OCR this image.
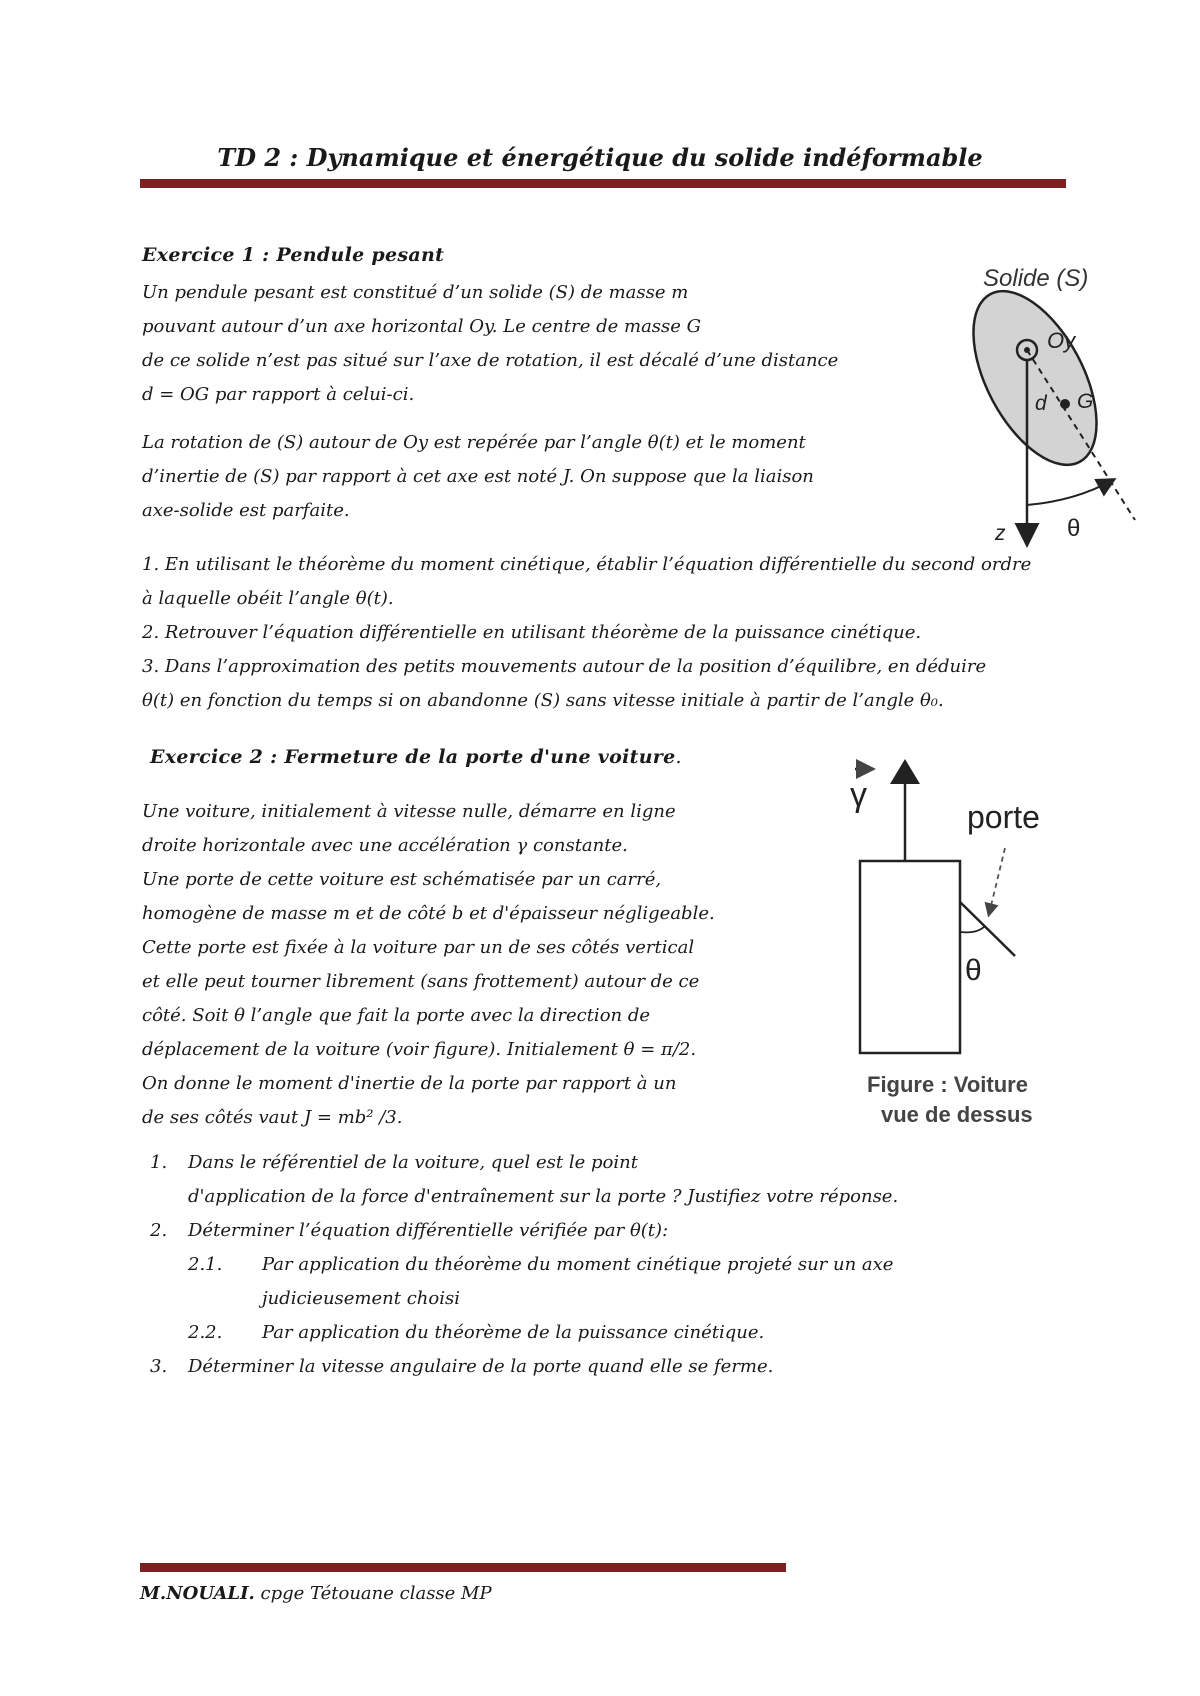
TD 2 : Dynamique et énergétique du solide indéformable
Exercice 1 : Pendule pesant
Un pendule pesant est constitué d’un solide (S) de masse m
pouvant autour d’un axe horizontal Oy. Le centre de masse G
de ce solide n’est pas situé sur l’axe de rotation, il est décalé d’une distance
d = OG par rapport à celui-ci.
La rotation de (S) autour de Oy est repérée par l’angle θ(t) et le moment
d’inertie de (S) par rapport à cet axe est noté J. On suppose que la liaison
axe-solide est parfaite.
1. En utilisant le théorème du moment cinétique, établir l’équation différentielle du second ordre
à laquelle obéit l’angle θ(t).
2. Retrouver l’équation différentielle en utilisant théorème de la puissance cinétique.
3. Dans l’approximation des petits mouvements autour de la position d’équilibre, en déduire
θ(t) en fonction du temps si on abandonne (S) sans vitesse initiale à partir de l’angle θ₀.
Solide (S)
Oy
d G
z	θ
Exercice 2 : Fermeture de la porte d'une voiture.
Une voiture, initialement à vitesse nulle, démarre en ligne
droite horizontale avec une accélération γ constante.
Une porte de cette voiture est schématisée par un carré,
homogène de masse m et de côté b et d'épaisseur négligeable.
Cette porte est fixée à la voiture par un de ses côtés vertical
et elle peut tourner librement (sans frottement) autour de ce
côté. Soit θ l’angle que fait la porte avec la direction de
déplacement de la voiture (voir figure). Initialement θ = π/2.
On donne le moment d'inertie de la porte par rapport à un
de ses côtés vaut J = mb² /3.
1. Dans le référentiel de la voiture, quel est le point
d'application de la force d'entraînement sur la porte ? Justifiez votre réponse.
2. Déterminer l’équation différentielle vérifiée par θ(t):
2.1. Par application du théorème du moment cinétique projeté sur un axe
judicieusement choisi
2.2. Par application du théorème de la puissance cinétique.
3. Déterminer la vitesse angulaire de la porte quand elle se ferme.
γ
θ
porte
Figure : Voiture
vue de dessus
M.NOUALI. cpge Tétouane classe MP
